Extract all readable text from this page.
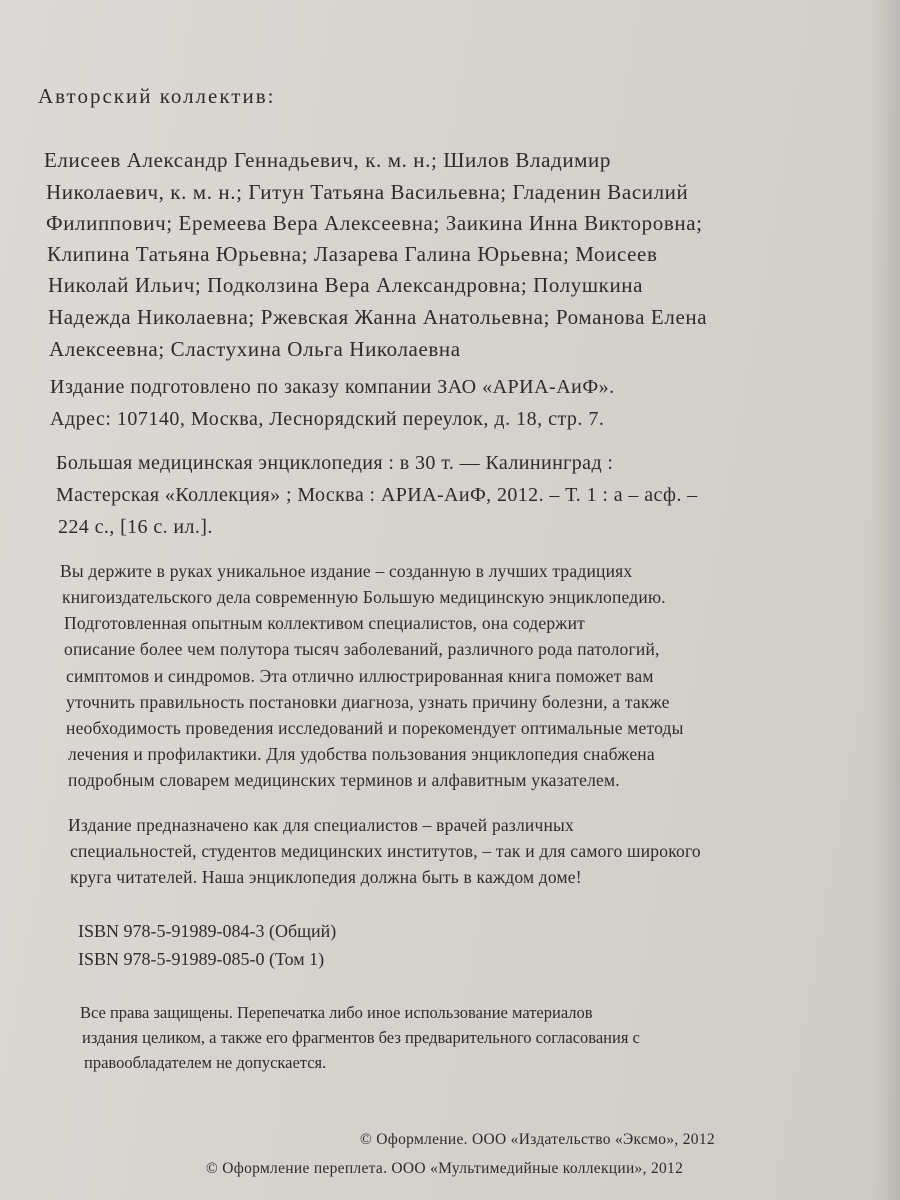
Авторский коллектив:
Елисеев Александр Геннадьевич, к. м. н.; Шилов Владимир
Николаевич, к. м. н.; Гитун Татьяна Васильевна; Гладенин Василий
Филиппович; Еремеева Вера Алексеевна; Заикина Инна Викторовна;
Клипина Татьяна Юрьевна; Лазарева Галина Юрьевна; Моисеев
Николай Ильич; Подколзина Вера Александровна; Полушкина
Надежда Николаевна; Ржевская Жанна Анатольевна; Романова Елена
Алексеевна; Сластухина Ольга Николаевна
Издание подготовлено по заказу компании ЗАО «АРИА-АиФ».
Адрес: 107140, Москва, Леснорядский переулок, д. 18, стр. 7.
Большая медицинская энциклопедия : в 30 т. — Калининград :
Мастерская «Коллекция» ; Москва : АРИА-АиФ, 2012. – Т. 1 : а – асф. –
224 с., [16 с. ил.].
Вы держите в руках уникальное издание – созданную в лучших традициях
книгоиздательского дела современную Большую медицинскую энциклопедию.
Подготовленная опытным коллективом специалистов, она содержит
описание более чем полутора тысяч заболеваний, различного рода патологий,
симптомов и синдромов. Эта отлично иллюстрированная книга поможет вам
уточнить правильность постановки диагноза, узнать причину болезни, а также
необходимость проведения исследований и порекомендует оптимальные методы
лечения и профилактики. Для удобства пользования энциклопедия снабжена
подробным словарем медицинских терминов и алфавитным указателем.
Издание предназначено как для специалистов – врачей различных
специальностей, студентов медицинских институтов, – так и для самого широкого
круга читателей. Наша энциклопедия должна быть в каждом доме!
ISBN 978-5-91989-084-3 (Общий)
ISBN 978-5-91989-085-0 (Том 1)
Все права защищены. Перепечатка либо иное использование материалов
издания целиком, а также его фрагментов без предварительного согласования с
правообладателем не допускается.
© Оформление. ООО «Издательство «Эксмо», 2012
© Оформление переплета. ООО «Мультимедийные коллекции», 2012
